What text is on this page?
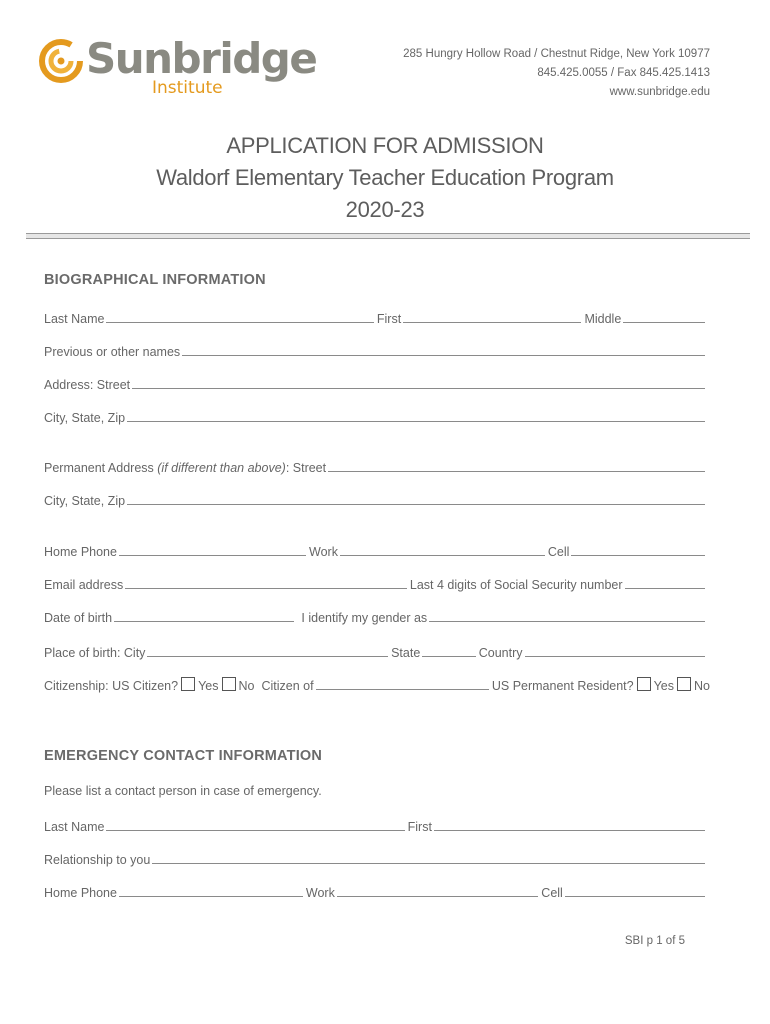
Sunbridge
Institute
285 Hungry Hollow Road / Chestnut Ridge, New York 10977
845.425.0055 / Fax 845.425.1413
www.sunbridge.edu
APPLICATION FOR ADMISSION
Waldorf Elementary Teacher Education Program
2020-23
BIOGRAPHICAL INFORMATION
Last Name	First	Middle
Previous or other names
Address: Street
City, State, Zip
Permanent Address (if different than above): Street
City, State, Zip
Home Phone	Work	Cell
Email address	Last 4 digits of Social Security number
Date of birth	I identify my gender as
Place of birth: City	State	Country
Citizenship: US Citizen? Yes No Citizen of	US Permanent Resident? Yes No
EMERGENCY CONTACT INFORMATION
Please list a contact person in case of emergency.
Last Name	First
Relationship to you
Home Phone	Work	Cell
SBI p 1 of 5
